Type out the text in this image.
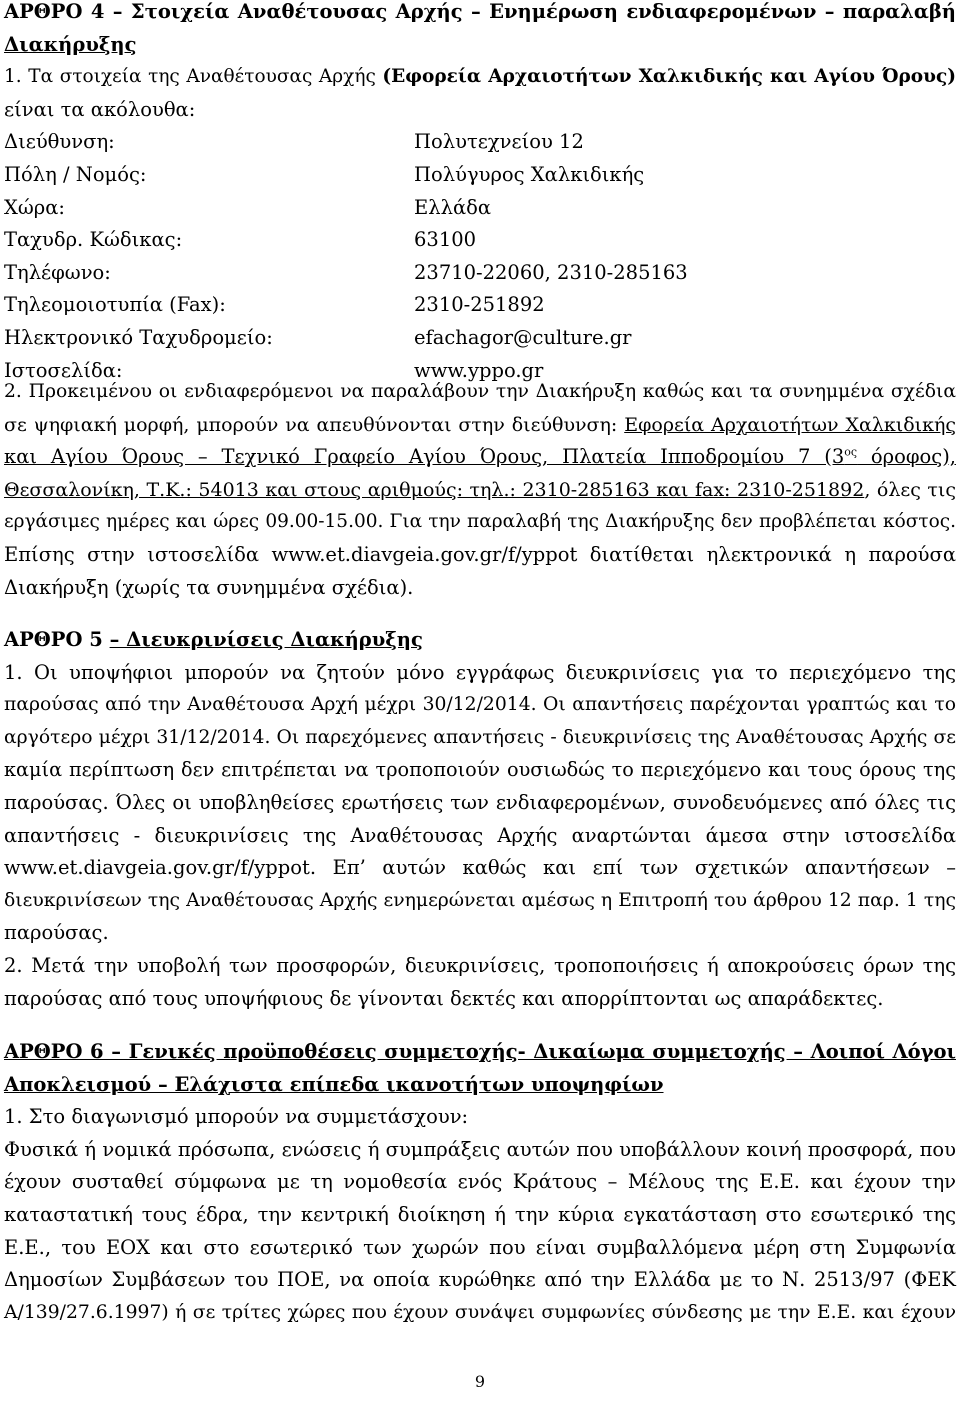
ΑΡΘΡΟ 4 – Στοιχεία Αναθέτουσας Αρχής – Ενημέρωση ενδιαφερομένων – παραλαβή
Διακήρυξης
1. Τα στοιχεία της Αναθέτουσας Αρχής (Εφορεία Αρχαιοτήτων Χαλκιδικής και Αγίου Όρους)
είναι τα ακόλουθα:
Διεύθυνση:	Πολυτεχνείου 12
Πόλη / Νομός:	Πολύγυρος Χαλκιδικής
Χώρα:	Ελλάδα
Ταχυδρ. Κώδικας:	63100
Τηλέφωνο:	23710-22060, 2310-285163
Τηλεομοιοτυπία (Fax):	2310-251892
Ηλεκτρονικό Ταχυδρομείο:	efachagor@culture.gr
Ιστοσελίδα:	www.yppo.gr
2. Προκειμένου οι ενδιαφερόμενοι να παραλάβουν την Διακήρυξη καθώς και τα συνημμένα σχέδια
σε ψηφιακή μορφή, μπορούν να απευθύνονται στην διεύθυνση: Εφορεία Αρχαιοτήτων Χαλκιδικής
και Αγίου Όρους – Τεχνικό Γραφείο Αγίου Όρους, Πλατεία Ιπποδρομίου 7 ($3^{o\varsigma}$ όροφος),
Θεσσαλονίκη, Τ.Κ.: 54013 και στους αριθμούς: τηλ.: 2310-285163 και fax: 2310-251892, όλες τις
εργάσιμες ημέρες και ώρες 09.00-15.00. Για την παραλαβή της Διακήρυξης δεν προβλέπεται κόστος.
Επίσης στην ιστοσελίδα www.et.diavgeia.gov.gr/f/yppot διατίθεται ηλεκτρονικά η παρούσα
Διακήρυξη (χωρίς τα συνημμένα σχέδια).
ΑΡΘΡΟ 5 – Διευκρινίσεις Διακήρυξης
1. Οι υποψήφιοι μπορούν να ζητούν μόνο εγγράφως διευκρινίσεις για το περιεχόμενο της
παρούσας από την Αναθέτουσα Αρχή μέχρι 30/12/2014. Οι απαντήσεις παρέχονται γραπτώς και το
αργότερο μέχρι 31/12/2014. Οι παρεχόμενες απαντήσεις - διευκρινίσεις της Αναθέτουσας Αρχής σε
καμία περίπτωση δεν επιτρέπεται να τροποποιούν ουσιωδώς το περιεχόμενο και τους όρους της
παρούσας. Όλες οι υποβληθείσες ερωτήσεις των ενδιαφερομένων, συνοδευόμενες από όλες τις
απαντήσεις - διευκρινίσεις της Αναθέτουσας Αρχής αναρτώνται άμεσα στην ιστοσελίδα
www.et.diavgeia.gov.gr/f/yppot. Επ’ αυτών καθώς και επί των σχετικών απαντήσεων –
διευκρινίσεων της Αναθέτουσας Αρχής ενημερώνεται αμέσως η Επιτροπή του άρθρου 12 παρ. 1 της
παρούσας.
2. Μετά την υποβολή των προσφορών, διευκρινίσεις, τροποποιήσεις ή αποκρούσεις όρων της
παρούσας από τους υποψήφιους δε γίνονται δεκτές και απορρίπτονται ως απαράδεκτες.
ΑΡΘΡΟ 6 – Γενικές προϋποθέσεις συμμετοχής- Δικαίωμα συμμετοχής – Λοιποί Λόγοι
Αποκλεισμού – Ελάχιστα επίπεδα ικανοτήτων υποψηφίων
1. Στο διαγωνισμό μπορούν να συμμετάσχουν:
Φυσικά ή νομικά πρόσωπα, ενώσεις ή συμπράξεις αυτών που υποβάλλουν κοινή προσφορά, που
έχουν συσταθεί σύμφωνα με τη νομοθεσία ενός Κράτους – Μέλους της Ε.Ε. και έχουν την
καταστατική τους έδρα, την κεντρική διοίκηση ή την κύρια εγκατάσταση στο εσωτερικό της
Ε.Ε., του ΕΟΧ και στο εσωτερικό των χωρών που είναι συμβαλλόμενα μέρη στη Συμφωνία
Δημοσίων Συμβάσεων του ΠΟΕ, να οποία κυρώθηκε από την Ελλάδα με το Ν. 2513/97 (ΦΕΚ
Α/139/27.6.1997) ή σε τρίτες χώρες που έχουν συνάψει συμφωνίες σύνδεσης με την Ε.Ε. και έχουν
9
